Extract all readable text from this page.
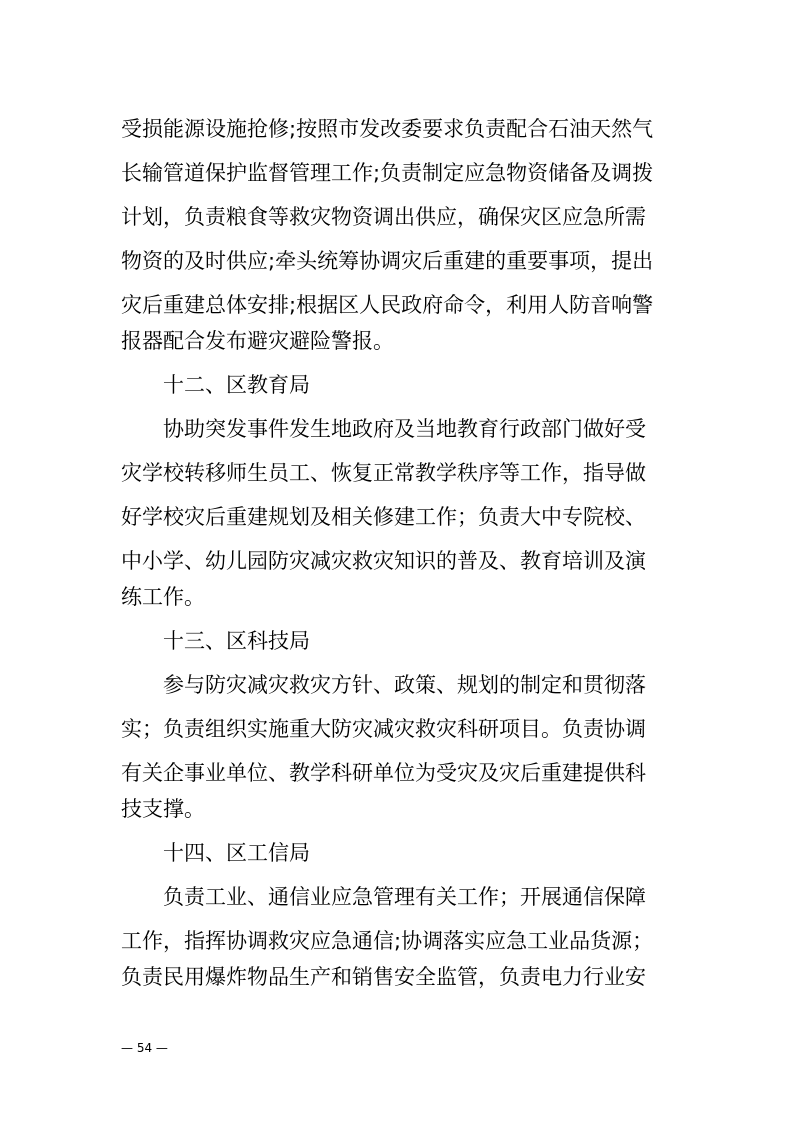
受损能源设施抢修;按照市发改委要求负责配合石油天然气
长输管道保护监督管理工作;负责制定应急物资储备及调拨
计划，负责粮食等救灾物资调出供应，确保灾区应急所需
物资的及时供应;牵头统筹协调灾后重建的重要事项，提出
灾后重建总体安排;根据区人民政府命令，利用人防音响警
报器配合发布避灾避险警报。
十二、区教育局
协助突发事件发生地政府及当地教育行政部门做好受
灾学校转移师生员工、恢复正常教学秩序等工作，指导做
好学校灾后重建规划及相关修建工作；负责大中专院校、
中小学、幼儿园防灾减灾救灾知识的普及、教育培训及演
练工作。
十三、区科技局
参与防灾减灾救灾方针、政策、规划的制定和贯彻落
实；负责组织实施重大防灾减灾救灾科研项目。负责协调
有关企事业单位、教学科研单位为受灾及灾后重建提供科
技支撑。
十四、区工信局
负责工业、通信业应急管理有关工作；开展通信保障
工作，指挥协调救灾应急通信;协调落实应急工业品货源；
负责民用爆炸物品生产和销售安全监管，负责电力行业安
— 54 —
